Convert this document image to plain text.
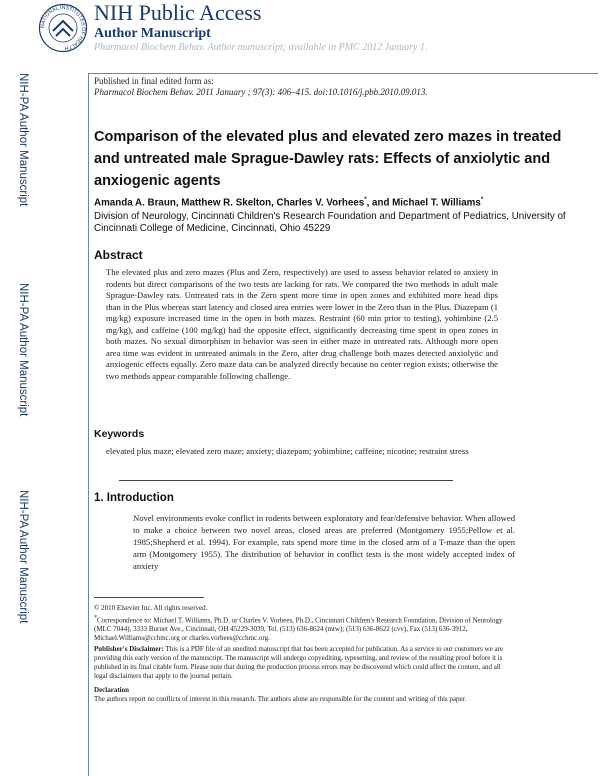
NATIONAL INSTITUTES OF HEALTH
NIH Public Access
Author Manuscript
Pharmacol Biochem Behav. Author manuscript; available in PMC 2012 January 1.
NIH-PA Author Manuscript
NIH-PA Author Manuscript
NIH-PA Author Manuscript
Published in final edited form as:
Pharmacol Biochem Behav. 2011 January ; 97(3): 406–415. doi:10.1016/j.pbb.2010.09.013.
Comparison of the elevated plus and elevated zero mazes in treated and untreated male Sprague-Dawley rats: Effects of anxiolytic and anxiogenic agents
Amanda A. Braun, Matthew R. Skelton, Charles V. Vorhees*, and Michael T. Williams*
Division of Neurology, Cincinnati Children's Research Foundation and Department of Pediatrics, University of Cincinnati College of Medicine, Cincinnati, Ohio 45229
Abstract
The elevated plus and zero mazes (Plus and Zero, respectively) are used to assess behavior related to anxiety in rodents but direct comparisons of the two tests are lacking for rats. We compared the two methods in adult male Sprague-Dawley rats. Untreated rats in the Zero spent more time in open zones and exhibited more head dips than in the Plus whereas start latency and closed area entries were lower in the Zero than in the Plus. Diazepam (1 mg/kg) exposure increased time in the open in both mazes. Restraint (60 min prior to testing), yohimbine (2.5 mg/kg), and caffeine (100 mg/kg) had the opposite effect, significantly decreasing time spent in open zones in both mazes. No sexual dimorphism in behavior was seen in either maze in untreated rats. Although more open area time was evident in untreated animals in the Zero, after drug challenge both mazes detected anxiolytic and anxiogenic effects equally. Zero maze data can be analyzed directly because no center region exists; otherwise the two methods appear comparable following challenge.
Keywords
elevated plus maze; elevated zero maze; anxiety; diazepam; yohimbine; caffeine; nicotine; restraint stress
1. Introduction
Novel environments evoke conflict in rodents between exploratory and fear/defensive behavior. When allowed to make a choice between two novel areas, closed areas are preferred (Montgomery 1955;Pellow et al. 1985;Shepherd et al. 1994). For example, rats spend more time in the closed arm of a T-maze than the open arm (Montgomery 1955). The distribution of behavior in conflict tests is the most widely accepted index of anxiety
© 2010 Elsevier Inc. All rights reserved.
*Correspondence to: Michael T. Williams, Ph.D. or Charles V. Vorhees, Ph.D., Cincinnati Children's Research Foundation, Division of Neurology (MLC 7044), 3333 Burnet Ave., Cincinnati, OH 45229-3039, Tel. (513) 636-8624 (mtw); (513) 636-8622 (cvv), Fax (513) 636-3912, Michael.Williams@cchmc.org or charles.vorhees@cchmc.org.
Publisher's Disclaimer: This is a PDF file of an unedited manuscript that has been accepted for publication. As a service to our customers we are providing this early version of the manuscript. The manuscript will undergo copyediting, typesetting, and review of the resulting proof before it is published in its final citable form. Please note that during the production process errors may be discovered which could affect the content, and all legal disclaimers that apply to the journal pertain.
Declaration
The authors report no conflicts of interest in this research. The authors alone are responsible for the content and writing of this paper.
